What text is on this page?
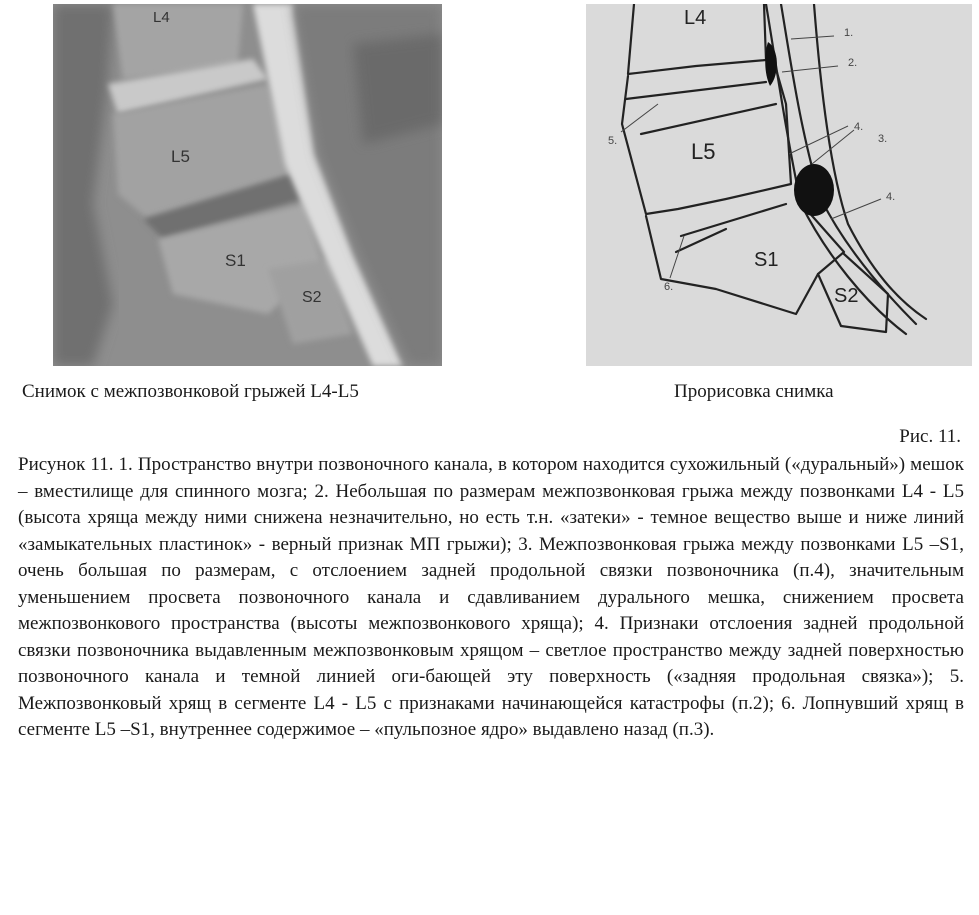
L4
L5
S1
S2
1.
2.
3.
4.
4.
5.
6.
L4
L5
S1
S2
Снимок с межпозвонковой грыжей L4-L5	Прорисовка снимка
Рис. 11.

Рисунок 11. 1. Пространство внутри позвоночного канала, в котором находится сухожильный («дуральный») мешок – вместилище для спинного мозга; 2. Небольшая по размерам межпозвонковая грыжа между позвонками L4 - L5 (высота хряща между ними снижена незначительно, но есть т.н. «затеки» - темное вещество выше и ниже линий «замыкательных пластинок» - верный признак МП грыжи); 3. Межпозвонковая грыжа между позвонками L5 –S1, очень большая по размерам, с отслоением задней продольной связки позвоночника (п.4), значительным уменьшением просвета позвоночного канала и сдавливанием дурального мешка, снижением просвета межпозвонкового пространства (высоты межпозвонкового хряща); 4. Признаки отслоения задней продольной связки позвоночника выдавленным межпозвонковым хрящом – светлое пространство между задней поверхностью позвоночного канала и темной линией оги-бающей эту поверхность («задняя продольная связка»); 5. Межпозвонковый хрящ в сегменте L4 - L5 с признаками начинающейся катастрофы (п.2); 6. Лопнувший хрящ в сегменте L5 –S1, внутреннее содержимое – «пульпозное ядро» выдавлено назад (п.3).
